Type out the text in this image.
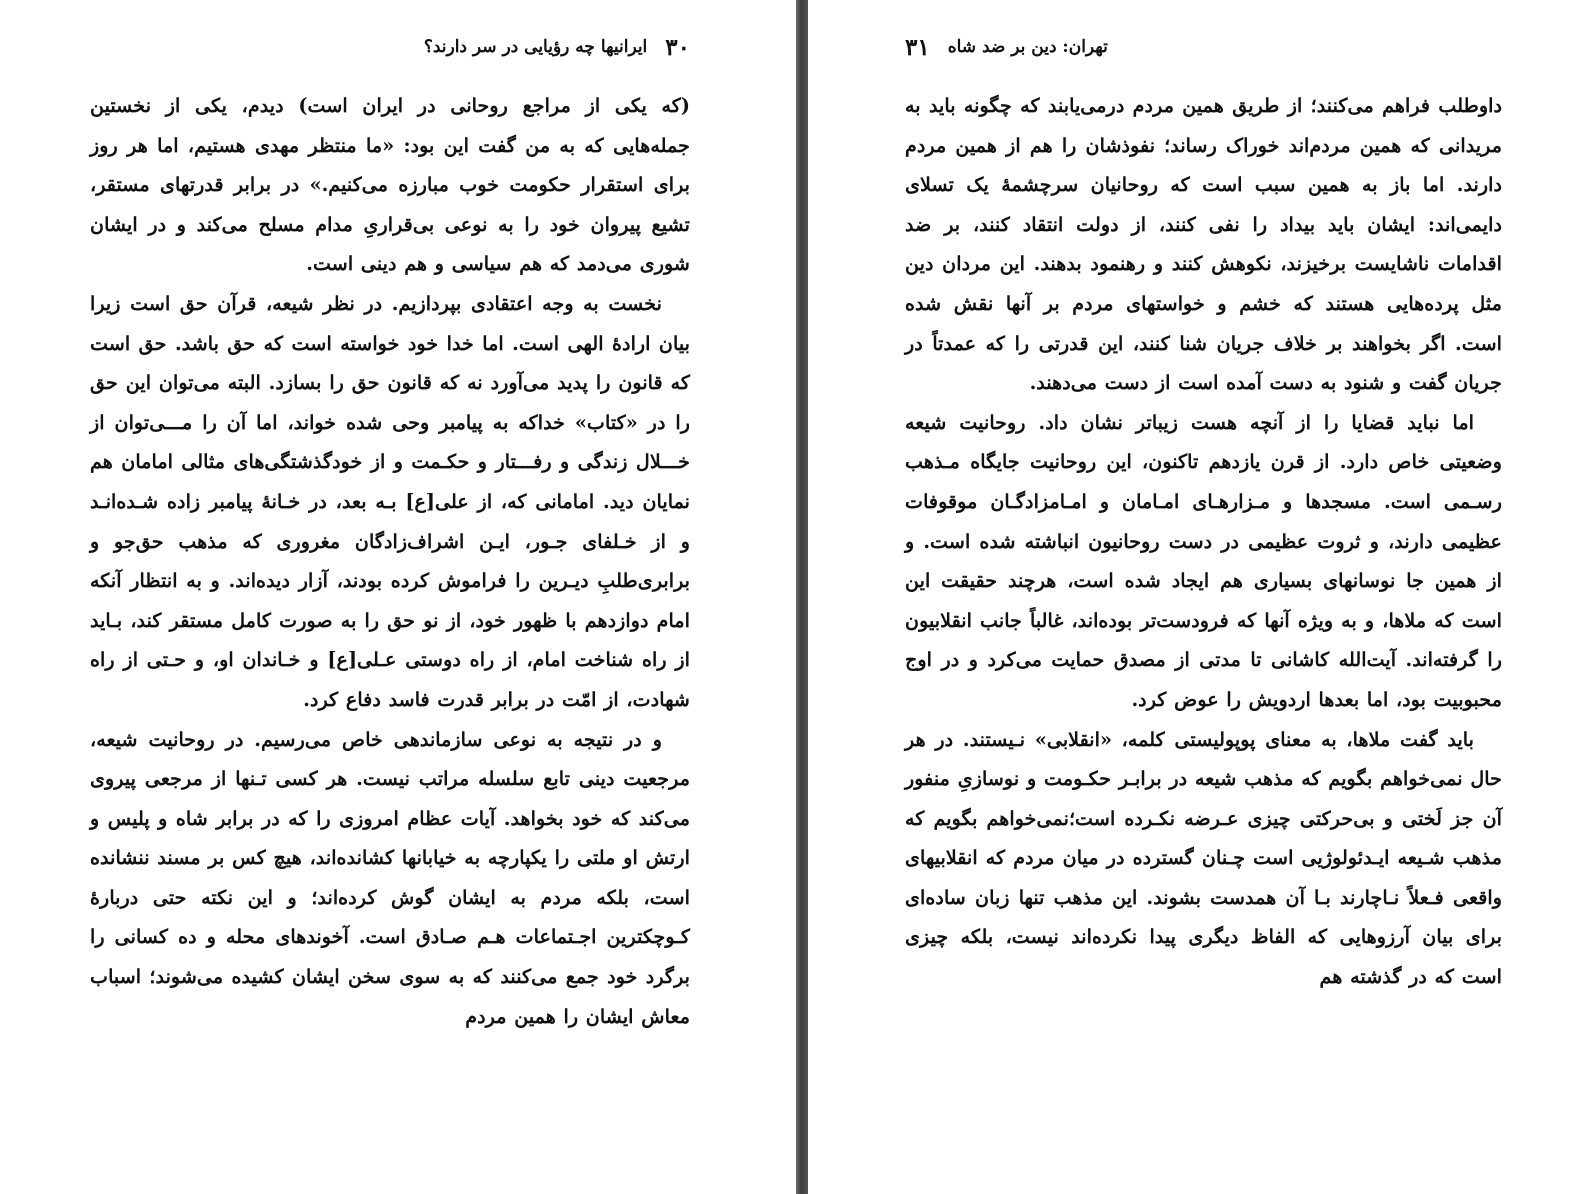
۳۰
ایرانیها چه رؤیایی در سر دارند؟

(که یکی از مراجع روحانی در ایران است) دیدم، یکی از نخستین جمله‌هایی که به من گفت این بود: «ما منتظر مهدی هستیم، اما هر روز برای استقرار حکومت خوب مبارزه می‌کنیم.» در برابر قدرتهای مستقر، تشیع پیروان خود را به نوعی بی‌قراریِ مدام مسلح می‌کند و در ایشان شوری می‌دمد که هم سیاسی و هم دینی است.

نخست به وجه اعتقادی بپردازیم. در نظر شیعه، قرآن حق است زیرا بیان ارادهٔ الهی است. اما خدا خود خواسته است که حق باشد. حق است که قانون را پدید می‌آورد نه که قانون حق را بسازد. البته می‌توان این حق را در «کتاب» خداکه به پیامبر وحی شده خواند، اما آن را مـــی‌توان از خـــلال زندگی و رفـــتار و حکـمت و از خودگذشتگی‌های مثالی امامان هم نمایان دید. امامانی که، از علی[ع] بـه بعد، در خـانهٔ پیامبر زاده شـده‌انـد و از خـلفای جـور، ایـن اشراف‌زادگان مغروری که مذهب حق‌جو و برابری‌طلبِ دیـرین را فراموش کرده بودند، آزار دیده‌اند. و به انتظار آنکه امام دوازدهم با ظهور خود، از نو حق را به صورت کامل مستقر کند، بـاید از راه شناخت امام، از راه دوستی عـلی[ع] و خـاندان او، و حـتی از راه شهادت، از امّت در برابر قدرت فاسد دفاع کرد.

و در نتیجه به نوعی سازماندهی خاص می‌رسیم. در روحانیت شیعه، مرجعیت دینی تابع سلسله مراتب نیست. هر کسی تـنها از مرجعی پیروی می‌کند که خود بخواهد. آیات عظام امروزی را که در برابر شاه و پلیس و ارتش او ملتی را یکپارچه به خیابانها کشانده‌اند، هیچ کس بر مسند ننشانده است، بلکه مردم به ایشان گوش کرده‌اند؛ و این نکته حتی دربارهٔ کـوچکترین اجـتماعات هـم صـادق است. آخوندهای محله و ده کسانی را برگرد خود جمع می‌کنند که به سوی سخن ایشان کشیده می‌شوند؛ اسباب معاش ایشان را همین مردم

تهران: دین بر ضد شاه
۳۱

داوطلب فراهم می‌کنند؛ از طریق همین مردم درمی‌یابند که چگونه باید به مریدانی که همین مردم‌اند خوراک رساند؛ نفوذشان را هم از همین مردم دارند. اما باز به همین سبب است که روحانیان سرچشمهٔ یک تسلای دایمی‌اند: ایشان باید بیداد را نفی کنند، از دولت انتقاد کنند، بر ضد اقدامات ناشایست برخیزند، نکوهش کنند و رهنمود بدهند. این مردان دین مثل پرده‌هایی هستند که خشم و خواستهای مردم بر آنها نقش شده است. اگر بخواهند بر خلاف جریان شنا کنند، این قدرتی را که عمدتاً در جریان گفت و شنود به دست آمده است از دست می‌دهند.

اما نباید قضایا را از آنچه هست زیباتر نشان داد. روحانیت شیعه وضعیتی خاص دارد. از قرن یازدهم تاکنون، این روحانیت جایگاه مـذهب رسـمی است. مسجدها و مـزارهـای امـامان و امـامزادگـان موقوفات عظیمی دارند، و ثروت عظیمی در دست روحانیون انباشته شده است. و از همین جا نوسانهای بسیاری هم ایجاد شده است، هرچند حقیقت این است که ملاها، و به ویژه آنها که فرودست‌تر بوده‌اند، غالباً جانب انقلابیون را گرفته‌اند. آیت‌الله کاشانی تا مدتی از مصدق حمایت می‌کرد و در اوج محبوبیت بود، اما بعدها اردویش را عوض کرد.

باید گفت ملاها، به معنای پوپولیستی کلمه، «انقلابی» نـیستند. در هر حال نمی‌خواهم بگویم که مذهب شیعه در برابـر حکـومت و نوسازیِ منفور آن جز لَختی و بی‌حرکتی چیزی عـرضه نکـرده است؛نمی‌خواهم بگویم که مذهب شـیعه ایـدئولوژیی است چـنان گسترده در میان مردم که انقلابیهای واقعی فـعلاً نـاچارند بـا آن همدست بشوند. این مذهب تنها زبان ساده‌ای برای بیان آرزوهایی که الفاظ دیگری پیدا نکرده‌اند نیست، بلکه چیزی است که در گذشته هم
